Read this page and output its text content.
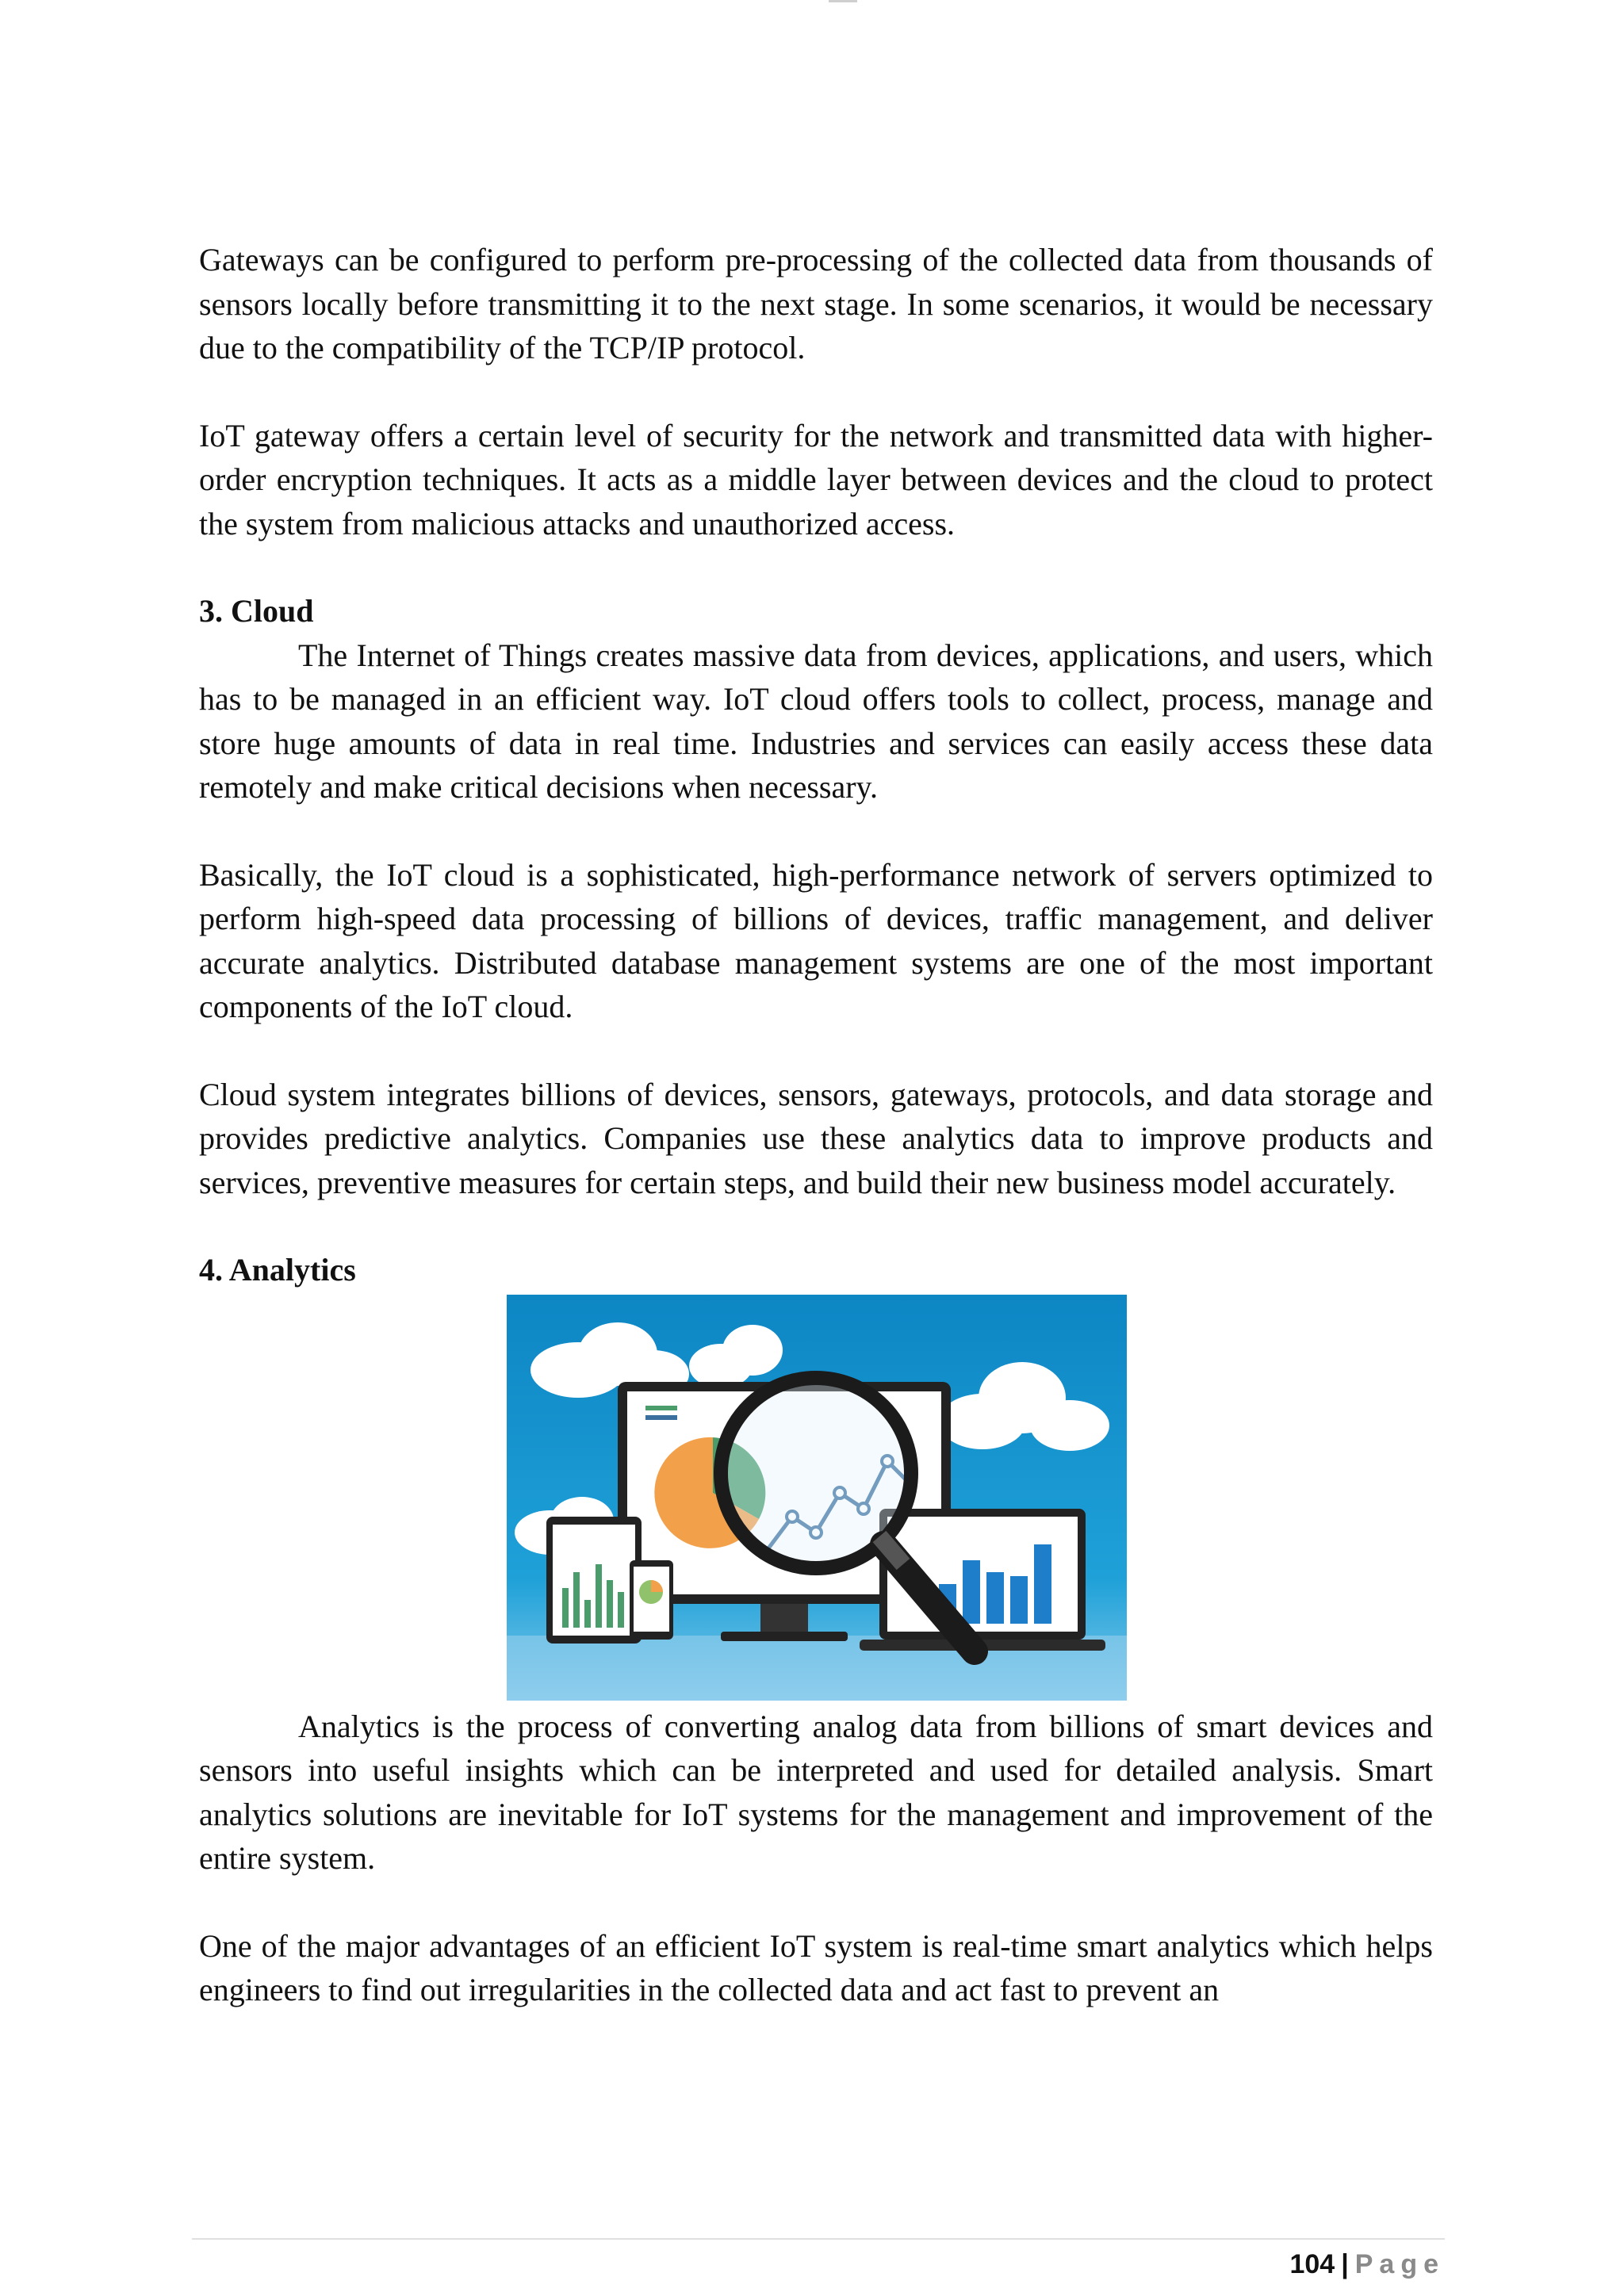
Gateways can be configured to perform pre-processing of the collected data from thousands of sensors locally before transmitting it to the next stage. In some scenarios, it would be necessary due to the compatibility of the TCP/IP protocol.

IoT gateway offers a certain level of security for the network and transmitted data with higher-order encryption techniques. It acts as a middle layer between devices and the cloud to protect the system from malicious attacks and unauthorized access.

3. Cloud

The Internet of Things creates massive data from devices, applications, and users, which has to be managed in an efficient way. IoT cloud offers tools to collect, process, manage and store huge amounts of data in real time. Industries and services can easily access these data remotely and make critical decisions when necessary.

Basically, the IoT cloud is a sophisticated, high-performance network of servers optimized to perform high-speed data processing of billions of devices, traffic management, and deliver accurate analytics. Distributed database management systems are one of the most important components of the IoT cloud.

Cloud system integrates billions of devices, sensors, gateways, protocols, and data storage and provides predictive analytics. Companies use these analytics data to improve products and services, preventive measures for certain steps, and build their new business model accurately.

4. Analytics

Analytics is the process of converting analog data from billions of smart devices and sensors into useful insights which can be interpreted and used for detailed analysis. Smart analytics solutions are inevitable for IoT systems for the management and improvement of the entire system.

One of the major advantages of an efficient IoT system is real-time smart analytics which helps engineers to find out irregularities in the collected data and act fast to prevent an

104 | Page
